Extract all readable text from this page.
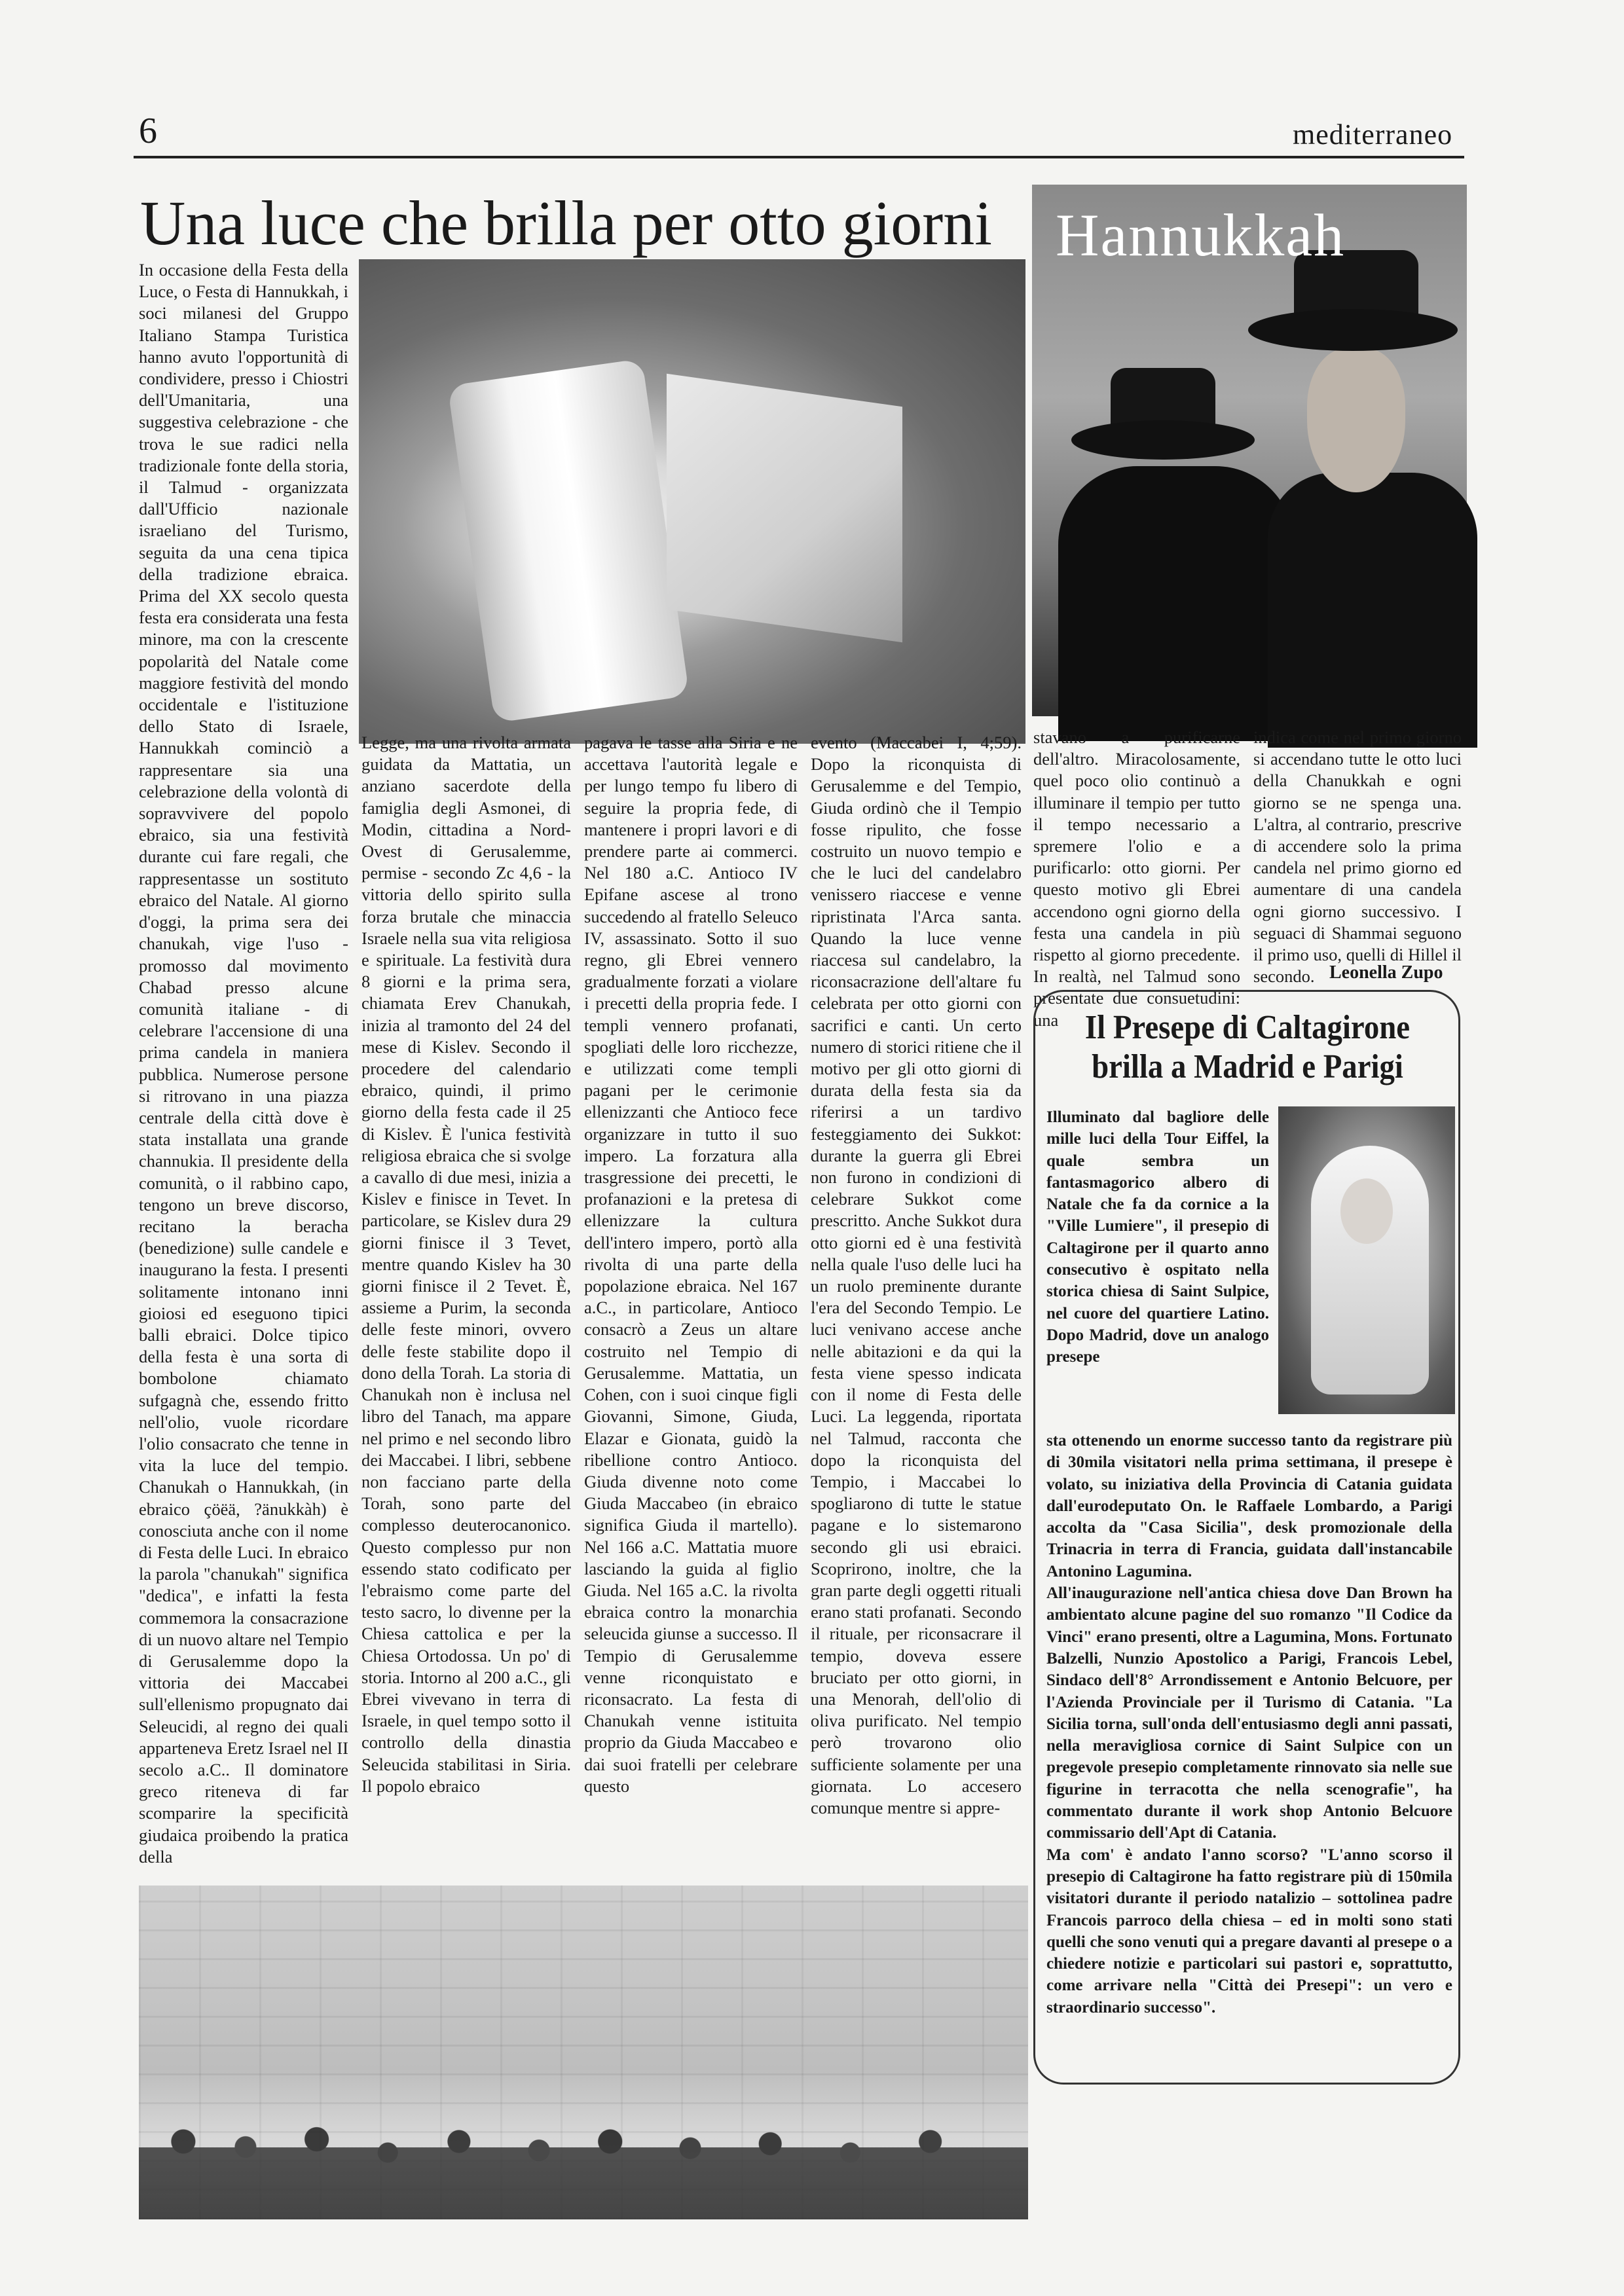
6	mediterraneo
Una luce che brilla per otto giorni

In occasione della Festa della Luce, o Festa di Hannukkah, i soci milanesi del Gruppo Italiano Stampa Turistica hanno avuto l'opportunità di condividere, presso i Chiostri dell'Umanitaria, una suggestiva celebrazione - che trova le sue radici nella tradizionale fonte della storia, il Talmud - organizzata dall'Ufficio nazionale israeliano del Turismo, seguita da una cena tipica della tradizione ebraica. Prima del XX secolo questa festa era considerata una festa minore, ma con la crescente popolarità del Natale come maggiore festività del mondo occidentale e l'istituzione dello Stato di Israele, Hannukkah cominciò a rappresentare sia una celebrazione della volontà di sopravvivere del popolo ebraico, sia una festività durante cui fare regali, che rappresentasse un sostituto ebraico del Natale. Al giorno d'oggi, la prima sera dei chanukah, vige l'uso - promosso dal movimento Chabad presso alcune comunità italiane - di celebrare l'accensione di una prima candela in maniera pubblica. Numerose persone si ritrovano in una piazza centrale della città dove è stata installata una grande channukia. Il presidente della comunità, o il rabbino capo, tengono un breve discorso, recitano la beracha (benedizione) sulle candele e inaugurano la festa. I presenti solitamente intonano inni gioiosi ed eseguono tipici balli ebraici. Dolce tipico della festa è una sorta di bombolone chiamato sufgagnà che, essendo fritto nell'olio, vuole ricordare l'olio consacrato che tenne in vita la luce del tempio. Chanukah o Hannukkah, (in ebraico çöëä, ?änukkàh) è conosciuta anche con il nome di Festa delle Luci. In ebraico la parola "chanukah" significa "dedica", e infatti la festa commemora la consacrazione di un nuovo altare nel Tempio di Gerusalemme dopo la vittoria dei Maccabei sull'ellenismo propugnato dai Seleucidi, al regno dei quali appartenevа Eretz Israel nel II secolo a.C.. Il dominatore greco riteneva di far scomparire la specificità giudaica proibendo la pratica della

Hannukkah

Legge, ma una rivolta armata guidata da Mattatia, un anziano sacerdote della famiglia degli Asmonei, di Modin, cittadina a Nord-Ovest di Gerusalemme, permise - secondo Zc 4,6 - la vittoria dello spirito sulla forza brutale che minaccia Israele nella sua vita religiosa e spirituale. La festività dura 8 giorni e la prima sera, chiamata Erev Chanukah, inizia al tramonto del 24 del mese di Kislev. Secondo il procedere del calendario ebraico, quindi, il primo giorno della festa cade il 25 di Kislev. È l'unica festività religiosa ebraica che si svolge a cavallo di due mesi, inizia a Kislev e finisce in Tevet. In particolare, se Kislev dura 29 giorni finisce il 3 Tevet, mentre quando Kislev ha 30 giorni finisce il 2 Tevet. È, assieme a Purim, la seconda delle feste minori, ovvero delle feste stabilite dopo il dono della Torah. La storia di Chanukah non è inclusa nel libro del Tanach, ma appare nel primo e nel secondo libro dei Maccabei. I libri, sebbene non facciano parte della Torah, sono parte del complesso deuterocanonico. Questo complesso pur non essendo stato codificato per l'ebraismo come parte del testo sacro, lo divenne per la Chiesa cattolica e per la Chiesa Ortodossa. Un po' di storia. Intorno al 200 a.C., gli Ebrei vivevano in terra di Israele, in quel tempo sotto il controllo della dinastia Seleucida stabilitasi in Siria. Il popolo ebraico

pagava le tasse alla Siria e ne accettava l'autorità legale e per lungo tempo fu libero di seguire la propria fede, di mantenere i propri lavori e di prendere parte ai commerci. Nel 180 a.C. Antioco IV Epifane ascese al trono succedendo al fratello Seleuco IV, assassinato. Sotto il suo regno, gli Ebrei vennero gradualmente forzati a violare i precetti della propria fede. I templi vennero profanati, spogliati delle loro ricchezze, e utilizzati come templi pagani per le cerimonie ellenizzanti che Antioco fece organizzare in tutto il suo impero. La forzatura alla trasgressione dei precetti, le profanazioni e la pretesa di ellenizzare la cultura dell'intero impero, portò alla rivolta di una parte della popolazione ebraica. Nel 167 a.C., in particolare, Antioco consacrò a Zeus un altare costruito nel Tempio di Gerusalemme. Mattatia, un Cohen, con i suoi cinque figli Giovanni, Simone, Giuda, Elazar e Gionata, guidò la ribellione contro Antioco. Giuda divenne noto come Giuda Maccabeo (in ebraico significa Giuda il martello). Nel 166 a.C. Mattatia muore lasciando la guida al figlio Giuda. Nel 165 a.C. la rivolta ebraica contro la monarchia seleucida giunse a successo. Il Tempio di Gerusalemme venne riconquistato e riconsacrato. La festa di Chanukah venne istituita proprio da Giuda Maccabeo e dai suoi fratelli per celebrare questo

evento (Maccabei I, 4;59). Dopo la riconquista di Gerusalemme e del Tempio, Giuda ordinò che il Tempio fosse ripulito, che fosse costruito un nuovo tempio e che le luci del candelabro venissero riaccese e venne ripristinata l'Arca santa. Quando la luce venne riaccesa sul candelabro, la riconsacrazione dell'altare fu celebrata per otto giorni con sacrifici e canti. Un certo numero di storici ritiene che il motivo per gli otto giorni di durata della festa sia da riferirsi a un tardivo festeggiamento dei Sukkot: durante la guerra gli Ebrei non furono in condizioni di celebrare Sukkot come prescritto. Anche Sukkot dura otto giorni ed è una festività nella quale l'uso delle luci ha un ruolo preminente durante l'era del Secondo Tempio. Le luci venivano accese anche nelle abitazioni e da qui la festa viene spesso indicata con il nome di Festa delle Luci. La leggenda, riportata nel Talmud, racconta che dopo la riconquista del Tempio, i Maccabei lo spogliarono di tutte le statue pagane e lo sistemarono secondo gli usi ebraici. Scoprirono, inoltre, che la gran parte degli oggetti rituali erano stati profanati. Secondo il rituale, per riconsacrare il tempio, doveva essere bruciato per otto giorni, in una Menorah, dell'olio di oliva purificato. Nel tempio però trovarono olio sufficiente solamente per una giornata. Lo accesero comunque mentre si appre-

stavano a purificarne dell'altro. Miracolosamente, quel poco olio continuò a illuminare il tempio per tutto il tempo necessario a spremere l'olio e a purificarlo: otto giorni. Per questo motivo gli Ebrei accendono ogni giorno della festa una candela in più rispetto al giorno precedente. In realtà, nel Talmud sono presentate due consuetudini: una

indica come nel primo giorno si accendano tutte le otto luci della Chanukkah e ogni giorno se ne spenga una. L'altra, al contrario, prescrive di accendere solo la prima candela nel primo giorno ed aumentare di una candela ogni giorno successivo. I seguaci di Shammai seguono il primo uso, quelli di Hillel il secondo. Leonella Zupo
Il Presepe di Caltagirone
brilla a Madrid e Parigi

Illuminato dal bagliore delle mille luci della Tour Eiffel, la quale sembra un fantasmagorico albero di Natale che fa da cornice a la "Ville Lumiere", il presepio di Caltagirone per il quarto anno consecutivo è ospitato nella storica chiesa di Saint Sulpice, nel cuore del quartiere Latino. Dopo Madrid, dove un analogo presepe

sta ottenendo un enorme successo tanto da registrare più di 30mila visitatori nella prima settimana, il presepe è volato, su iniziativa della Provincia di Catania guidata dall'eurodeputato On. le Raffaele Lombardo, a Parigi accolta da "Casa Sicilia", desk promozionale della Trinacria in terra di Francia, guidata dall'instancabile Antonino Lagumina.

All'inaugurazione nell'antica chiesa dove Dan Brown ha ambientato alcune pagine del suo romanzo "Il Codice da Vinci" erano presenti, oltre a Lagumina, Mons. Fortunato Balzelli, Nunzio Apostolico a Parigi, Francois Lebel, Sindaco dell'8° Arrondissement e Antonio Belcuore, per l'Azienda Provinciale per il Turismo di Catania. "La Sicilia torna, sull'onda dell'entusiasmo degli anni passati, nella meravigliosa cornice di Saint Sulpice con un pregevole presepio completamente rinnovato sia nelle sue figurine in terracotta che nella scenografie", ha commentato durante il work shop Antonio Belcuore commissario dell'Apt di Catania.

Ma com' è andato l'anno scorso? "L'anno scorso il presepio di Caltagirone ha fatto registrare più di 150mila visitatori durante il periodo natalizio – sottolinea padre Francois parroco della chiesa – ed in molti sono stati quelli che sono venuti qui a pregare davanti al presepe o a chiedere notizie e particolari sui pastori e, soprattutto, come arrivare nella "Città dei Presepi": un vero e straordinario successo".
